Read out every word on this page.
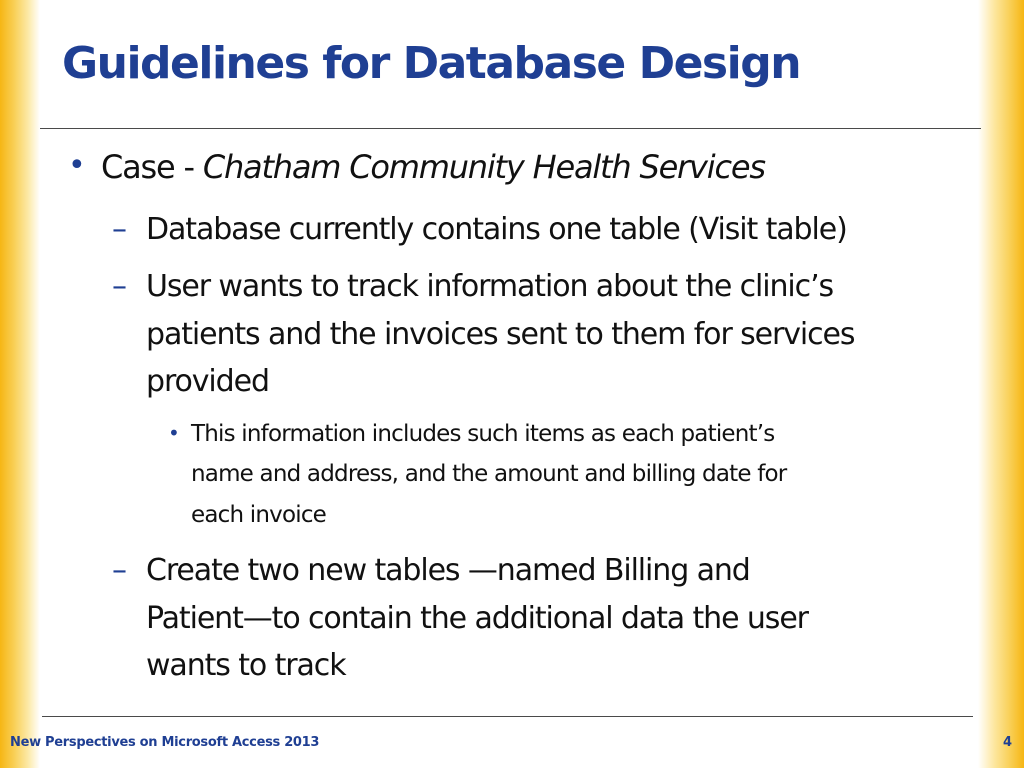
Guidelines for Database Design
• Case - Chatham Community Health Services
– Database currently contains one table (Visit table)
– User wants to track information about the clinic’s
patients and the invoices sent to them for services
provided
• This information includes such items as each patient’s
name and address, and the amount and billing date for
each invoice
– Create two new tables —named Billing and
Patient—to contain the additional data the user
wants to track
New Perspectives on Microsoft Access 2013	4
